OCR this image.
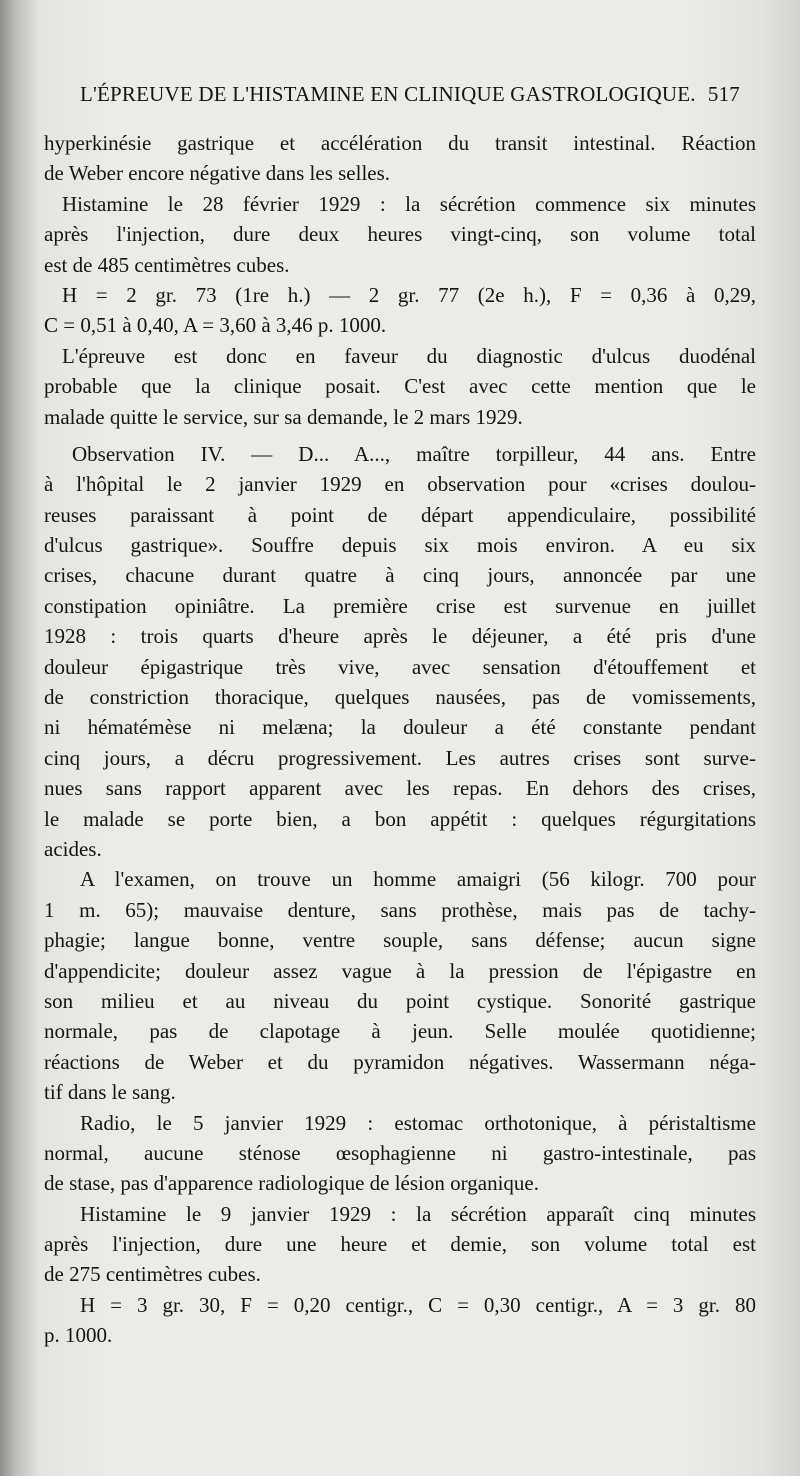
L'ÉPREUVE DE L'HISTAMINE EN CLINIQUE GASTROLOGIQUE. 517
hyperkinésie gastrique et accélération du transit intestinal. Réaction
de Weber encore négative dans les selles.
Histamine le 28 février 1929 : la sécrétion commence six minutes
après l'injection, dure deux heures vingt-cinq, son volume total
est de 485 centimètres cubes.
H = 2 gr. 73 (1re h.) — 2 gr. 77 (2e h.), F = 0,36 à 0,29,
C = 0,51 à 0,40, A = 3,60 à 3,46 p. 1000.
L'épreuve est donc en faveur du diagnostic d'ulcus duodénal
probable que la clinique posait. C'est avec cette mention que le
malade quitte le service, sur sa demande, le 2 mars 1929.
Observation IV. — D... A..., maître torpilleur, 44 ans. Entre
à l'hôpital le 2 janvier 1929 en observation pour «crises doulou-
reuses paraissant à point de départ appendiculaire, possibilité
d'ulcus gastrique». Souffre depuis six mois environ. A eu six
crises, chacune durant quatre à cinq jours, annoncée par une
constipation opiniâtre. La première crise est survenue en juillet
1928 : trois quarts d'heure après le déjeuner, a été pris d'une
douleur épigastrique très vive, avec sensation d'étouffement et
de constriction thoracique, quelques nausées, pas de vomissements,
ni hématémèse ni melæna; la douleur a été constante pendant
cinq jours, a décru progressivement. Les autres crises sont surve-
nues sans rapport apparent avec les repas. En dehors des crises,
le malade se porte bien, a bon appétit : quelques régurgitations
acides.
A l'examen, on trouve un homme amaigri (56 kilogr. 700 pour
1 m. 65); mauvaise denture, sans prothèse, mais pas de tachy-
phagie; langue bonne, ventre souple, sans défense; aucun signe
d'appendicite; douleur assez vague à la pression de l'épigastre en
son milieu et au niveau du point cystique. Sonorité gastrique
normale, pas de clapotage à jeun. Selle moulée quotidienne;
réactions de Weber et du pyramidon négatives. Wassermann néga-
tif dans le sang.
Radio, le 5 janvier 1929 : estomac orthotonique, à péristaltisme
normal, aucune sténose œsophagienne ni gastro-intestinale, pas
de stase, pas d'apparence radiologique de lésion organique.
Histamine le 9 janvier 1929 : la sécrétion apparaît cinq minutes
après l'injection, dure une heure et demie, son volume total est
de 275 centimètres cubes.
H = 3 gr. 30, F = 0,20 centigr., C = 0,30 centigr., A = 3 gr. 80
p. 1000.
